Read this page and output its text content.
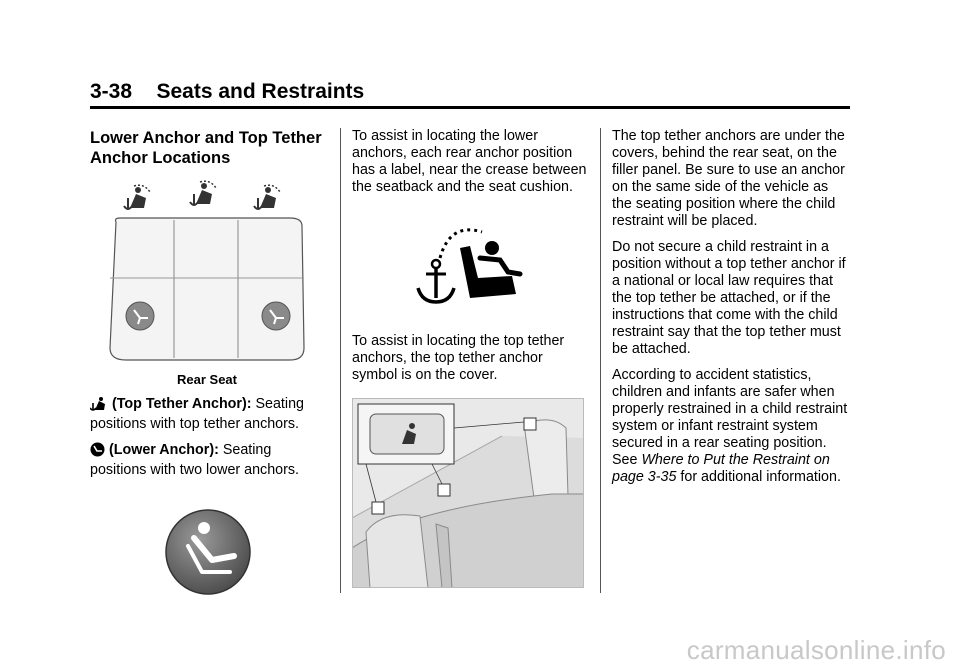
3-38 Seats and Restraints
Lower Anchor and Top Tether Anchor Locations
Rear Seat

(Top Tether Anchor): Seating positions with top tether anchors.

(Lower Anchor): Seating positions with two lower anchors.

To assist in locating the lower anchors, each rear anchor position has a label, near the crease between the seatback and the seat cushion.

To assist in locating the top tether anchors, the top tether anchor symbol is on the cover.

The top tether anchors are under the covers, behind the rear seat, on the filler panel. Be sure to use an anchor on the same side of the vehicle as the seating position where the child restraint will be placed.

Do not secure a child restraint in a position without a top tether anchor if a national or local law requires that the top tether be attached, or if the instructions that come with the child restraint say that the top tether must be attached.

According to accident statistics, children and infants are safer when properly restrained in a child restraint system or infant restraint system secured in a rear seating position. See Where to Put the Restraint on page 3-35 for additional information.

carmanualsonline.info
